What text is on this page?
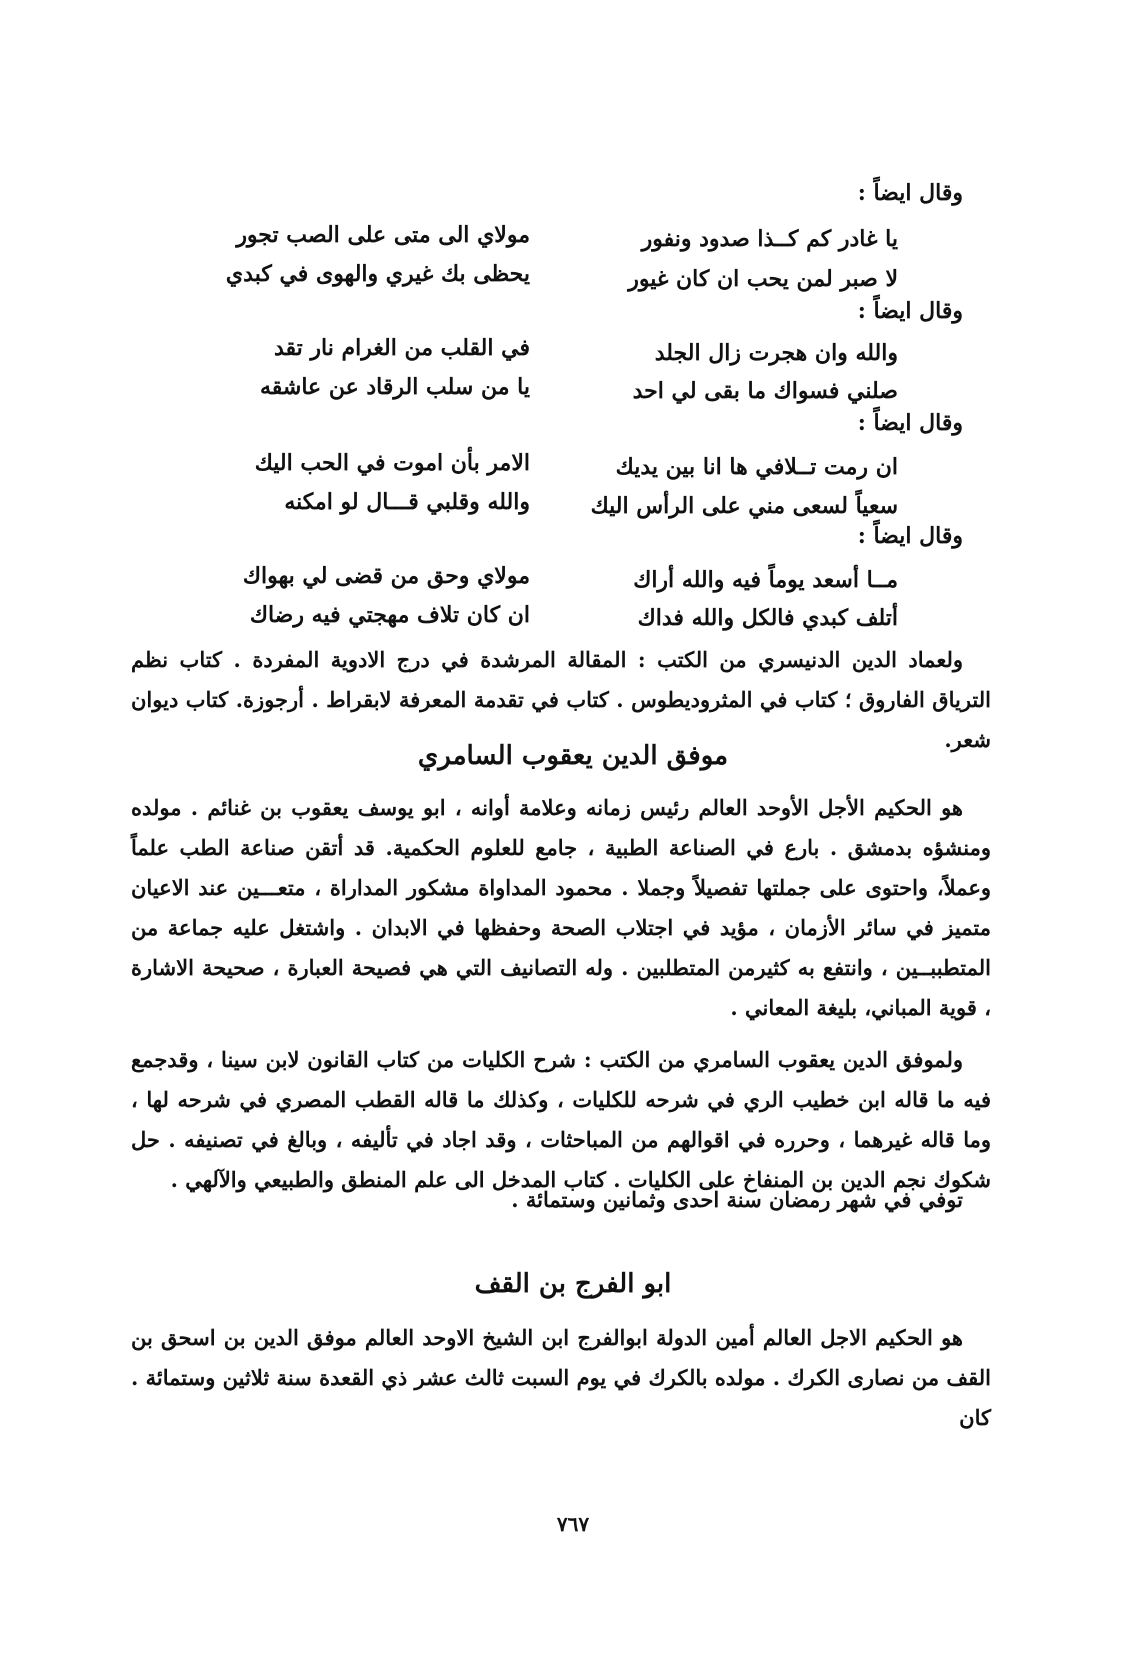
وقال ايضاً :
مولاي الى متى على الصب تجور	يا غادر كم كــذا صدود ونفور
يحظى بك غيري والهوى في كبدي	لا صبر لمن يحب ان كان غيور
وقال ايضاً :
في القلب من الغرام نار تقد	والله وان هجرت زال الجلد
يا من سلب الرقاد عن عاشقه	صلني فسواك ما بقى لي احد
وقال ايضاً :
الامر بأن اموت في الحب اليك	ان رمت تــلافي ها انا بين يديك
والله وقلبي قـــال لو امكنه	سعياً لسعى مني على الرأس اليك
وقال ايضاً :
مولاي وحق من قضى لي بهواك	مــا أسعد يوماً فيه والله أراك
ان كان تلاف مهجتي فيه رضاك	أتلف كبدي فالكل والله فداك

ولعماد الدين الدنيسري من الكتب : المقالة المرشدة في درج الادوية المفردة . كتاب نظم الترياق الفاروق ؛ كتاب في المثروديطوس . كتاب في تقدمة المعرفة لابقراط . أرجوزة. كتاب ديوان شعر.

موفق الدين يعقوب السامري

هو الحكيم الأجل الأوحد العالم رئيس زمانه وعلامة أوانه ، ابو يوسف يعقوب بن غنائم . مولده ومنشؤه بدمشق . بارع في الصناعة الطبية ، جامع للعلوم الحكمية. قد أتقن صناعة الطب علماً وعملاً، واحتوى على جملتها تفصيلاً وجملا . محمود المداواة مشكور المداراة ، متعـــين عند الاعيان متميز في سائر الأزمان ، مؤيد في اجتلاب الصحة وحفظها في الابدان . واشتغل عليه جماعة من المتطببــين ، وانتفع به كثيرمن المتطلبين . وله التصانيف التي هي فصيحة العبارة ، صحيحة الاشارة ، قوية المباني، بليغة المعاني .

ولموفق الدين يعقوب السامري من الكتب : شرح الكليات من كتاب القانون لابن سينا ، وقدجمع فيه ما قاله ابن خطيب الري في شرحه للكليات ، وكذلك ما قاله القطب المصري في شرحه لها ، وما قاله غيرهما ، وحرره في اقوالهم من المباحثات ، وقد اجاد في تأليفه ، وبالغ في تصنيفه . حل شكوك نجم الدين بن المنفاخ على الكليات . كتاب المدخل الى علم المنطق والطبيعي والآلهي .

توفي في شهر رمضان سنة احدى وثمانين وستمائة .

ابو الفرج بن القف

هو الحكيم الاجل العالم أمين الدولة ابوالفرج ابن الشيخ الاوحد العالم موفق الدين بن اسحق بن القف من نصارى الكرك . مولده بالكرك في يوم السبت ثالث عشر ذي القعدة سنة ثلاثين وستمائة . كان

٧٦٧
